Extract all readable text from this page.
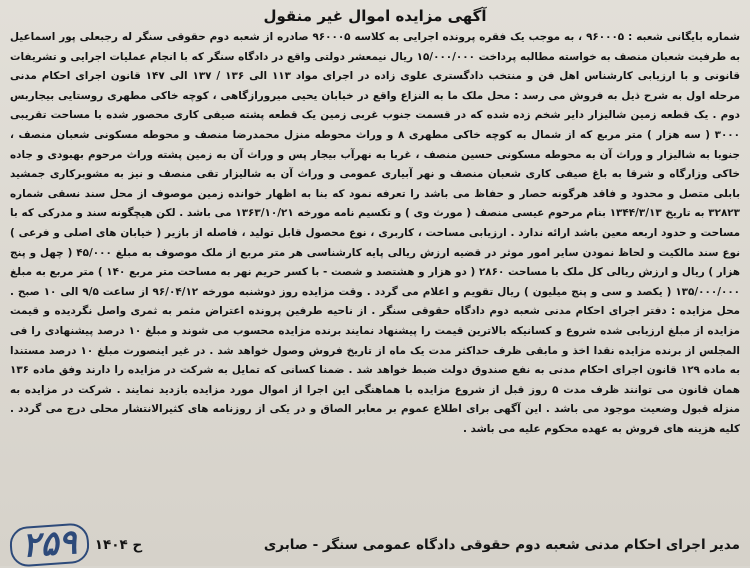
آگهی مزایده اموال غیر منقول
شماره بایگانی شعبه : ۹۶۰۰۰۵ ، به موجب یک فقره پرونده اجرایی به کلاسه ۹۶۰۰۰۵ صادره از شعبه دوم حقوقی سنگر له رجبعلی پور اسماعیل به طرفیت شعبان منصف به خواسته مطالبه پرداخت ۱۵/۰۰۰/۰۰۰ ریال نیمعشر دولتی واقع در دادگاه سنگر که با انجام عملیات اجرایی و تشریفات قانونی و با ارزیابی کارشناس اهل فن و منتخب دادگستری علوی زاده در اجرای مواد ۱۱۳ الی ۱۳۶ / ۱۳۷ الی ۱۴۷ قانون اجرای احکام مدنی مرحله اول به شرح ذیل به فروش می رسد : محل ملک ما به النزاع واقع در خیابان یحیی میرورازگاهی ، کوچه خاکی مطهری روستایی بیجاربس دوم . یک قطعه زمین شالیزار دایر شخم زده شده که در قسمت جنوب غربی زمین یک قطعه پشته صیفی کاری محصور شده با مساحت تقریبی ۳۰۰۰ ( سه هزار ) متر مربع که از شمال به کوچه خاکی مطهری ۸ و وراث محوطه منزل محمدرضا منصف و محوطه مسکونی شعبان منصف ، جنوبا به شالیزار و وراث آن به محوطه مسکونی حسین منصف ، غربا به نهرآب بیجار پس و وراث آن به زمین پشته وراث مرحوم بهبودی و جاده خاکی وزارگاه و شرقا به باغ صیفی کاری شعبان منصف و نهر آبیاری عمومی و وراث آن به شالیزار تقی منصف و نیز به مشوبرکاری جمشید بابلی متصل و محدود و فاقد هرگونه حصار و حفاظ می باشد را تعرفه نمود که بنا به اظهار خوانده زمین موصوف از محل سند نسقی شماره ۳۲۸۲۳ به تاریخ ۱۳۴۴/۳/۱۳ بنام مرحوم عیسی منصف ( مورث وی ) و تکسیم نامه مورخه ۱۳۶۳/۱۰/۲۱ می باشد . لکن هیچگونه سند و مدرکی که با مساحت و حدود اربعه معین باشد ارائه ندارد . ارزیابی مساحت ، کاربری ، نوع محصول قابل تولید ، فاصله از بازیر ( خیابان های اصلی و فرعی ) نوع سند مالکیت و لحاظ نمودن سایر امور موثر در قضیه ارزش ریالی پایه کارشناسی هر متر مربع از ملک موصوف به مبلغ ۴۵/۰۰۰ ( چهل و پنج هزار ) ریال و ارزش ریالی کل ملک با مساحت ۲۸۶۰ ( دو هزار و هشتصد و شصت - با کسر حریم نهر به مساحت متر مربع ۱۴۰ ) متر مربع به مبلغ ۱۳۵/۰۰۰/۰۰۰ ( یکصد و سی و پنج میلیون ) ریال تقویم و اعلام می گردد . وقت مزایده روز دوشنبه مورخه ۹۶/۰۴/۱۲ از ساعت ۹/۵ الی ۱۰ صبح . محل مزایده : دفتر اجرای احکام مدنی شعبه دوم دادگاه حقوقی سنگر . از ناحیه طرفین پرونده اعتراض مثمر به ثمری واصل نگردیده و قیمت مزایده از مبلغ ارزیابی شده شروع و کسانیکه بالاترین قیمت را پیشنهاد نمایند برنده مزایده محسوب می شوند و مبلغ ۱۰ درصد پیشنهادی را فی المجلس از برنده مزایده نقدا اخذ و مابقی ظرف حداکثر مدت یک ماه از تاریخ فروش وصول خواهد شد . در غیر اینصورت مبلغ ۱۰ درصد مستندا به ماده ۱۲۹ قانون اجرای احکام مدنی به نفع صندوق دولت ضبط خواهد شد . ضمنا کسانی که تمایل به شرکت در مزایده را دارند وفق ماده ۱۳۶ همان قانون می توانند ظرف مدت ۵ روز قبل از شروع مزایده با هماهنگی این اجرا از اموال مورد مزایده بازدید نمایند . شرکت در مزایده به منزله قبول وضعیت موجود می باشد . این آگهی برای اطلاع عموم بر معابر الصاق و در یکی از روزنامه های کثیرالانتشار محلی درج می گردد . کلیه هزینه های فروش به عهده محکوم علیه می باشد .
مدیر اجرای احکام مدنی شعبه دوم حقوقی دادگاه عمومی سنگر - صابری
ح ۱۴۰۴
۲۵۹
